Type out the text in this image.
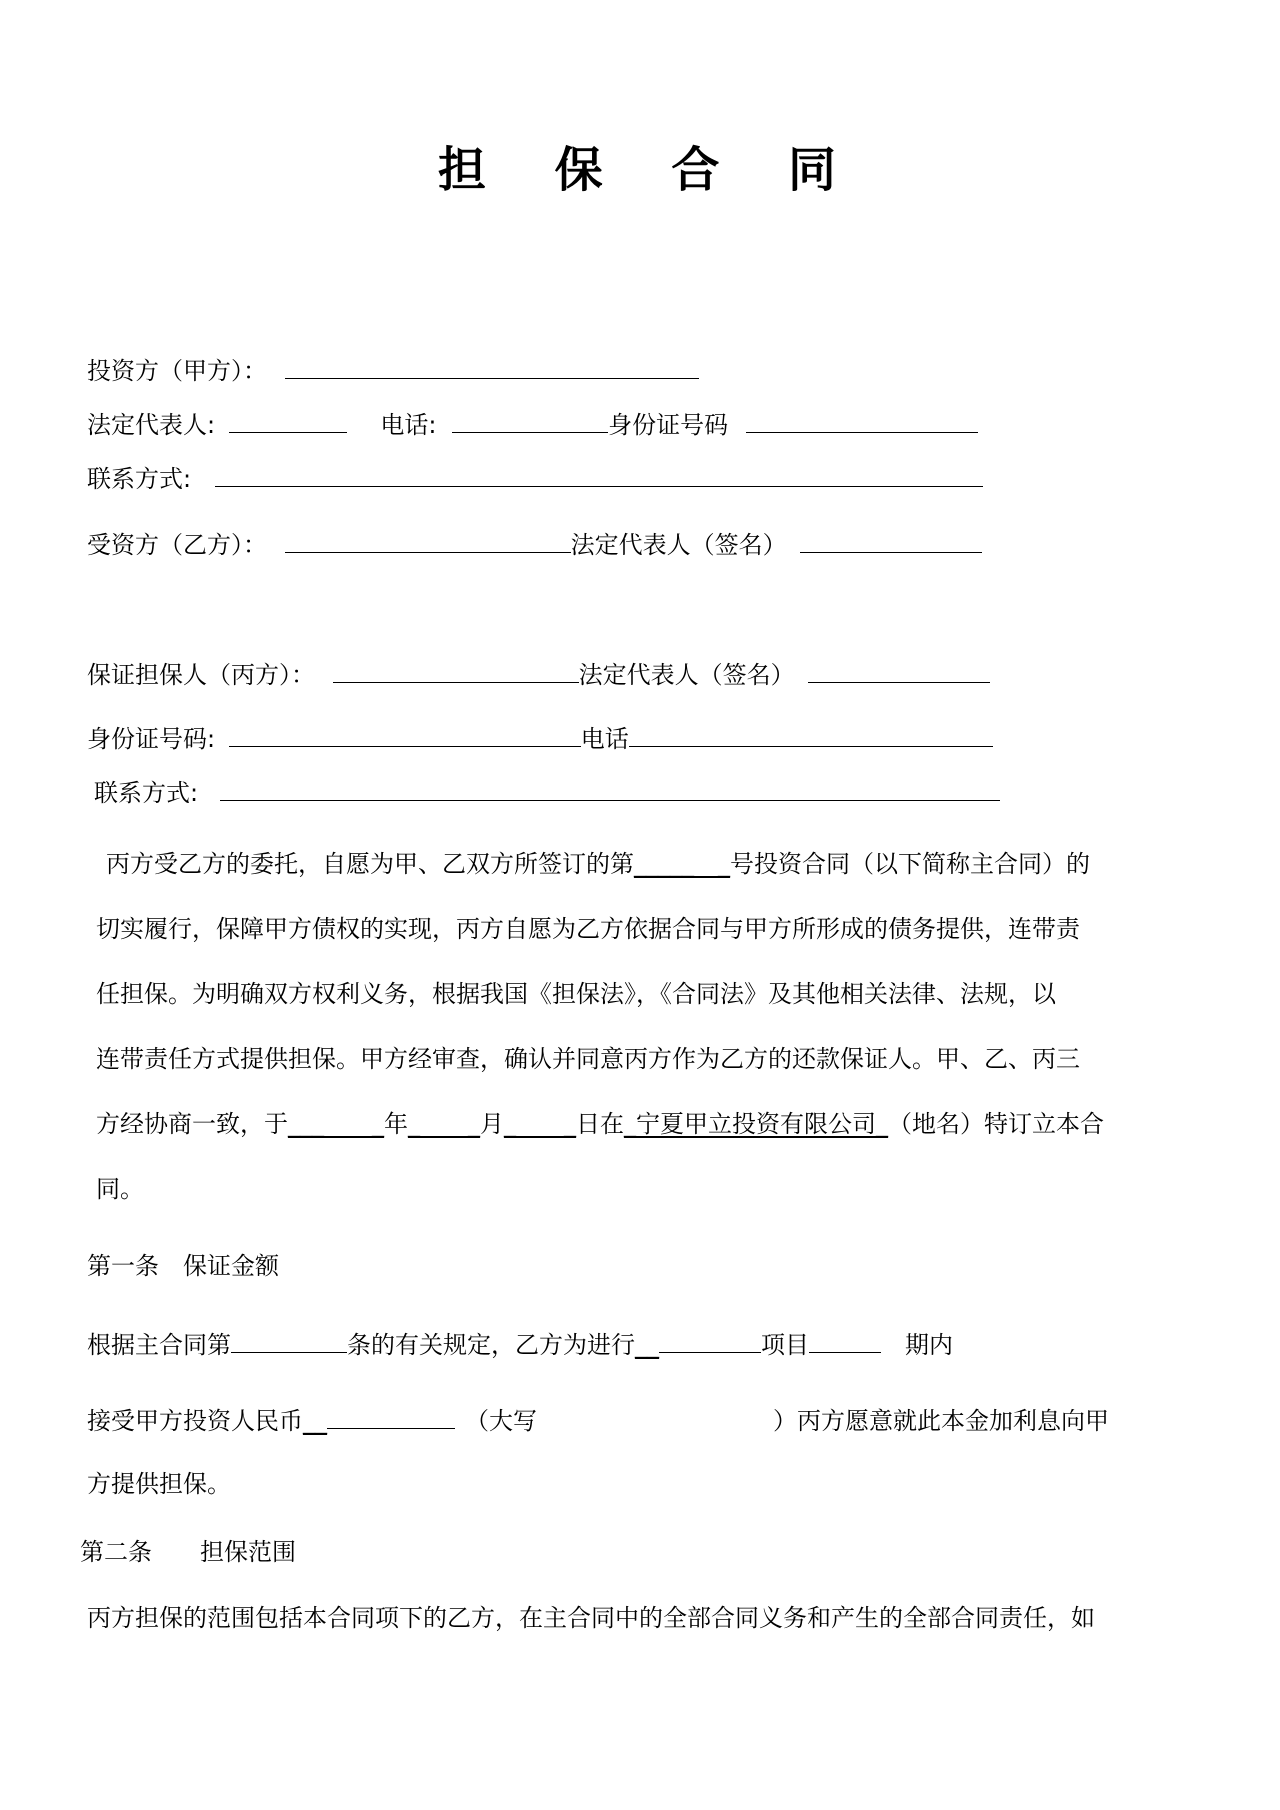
担 保 合 同
投资方（甲方）：
法定代表人:	电话:	身份证号码
联系方式:
受资方（乙方）：	法定代表人（签名）
保证担保人（丙方）：	法定代表人（签名）
身份证号码:	电话
联系方式:

丙方受乙方的委托，自愿为甲、乙双方所签订的第_____　_号投资合同（以下简称主合同）的

切实履行，保障甲方债权的实现，丙方自愿为乙方依据合同与甲方所形成的债务提供，连带责

任担保。为明确双方权利义务，根据我国《担保法》，《合同法》及其他相关法律、法规，以

连带责任方式提供担保。甲方经审查，确认并同意丙方作为乙方的还款保证人。甲、乙、丙三

方经协商一致，于___　　_年_　　_月_　　_日在_宁夏甲立投资有限公司_（地名）特订立本合

同。

第一条　保证金额
根据主合同第	条的有关规定，乙方为进行__	项目	　期内
接受甲方投资人民币__	（大写	）丙方愿意就此本金加利息向甲
方提供担保。
第二条　　担保范围
丙方担保的范围包括本合同项下的乙方，在主合同中的全部合同义务和产生的全部合同责任，如
